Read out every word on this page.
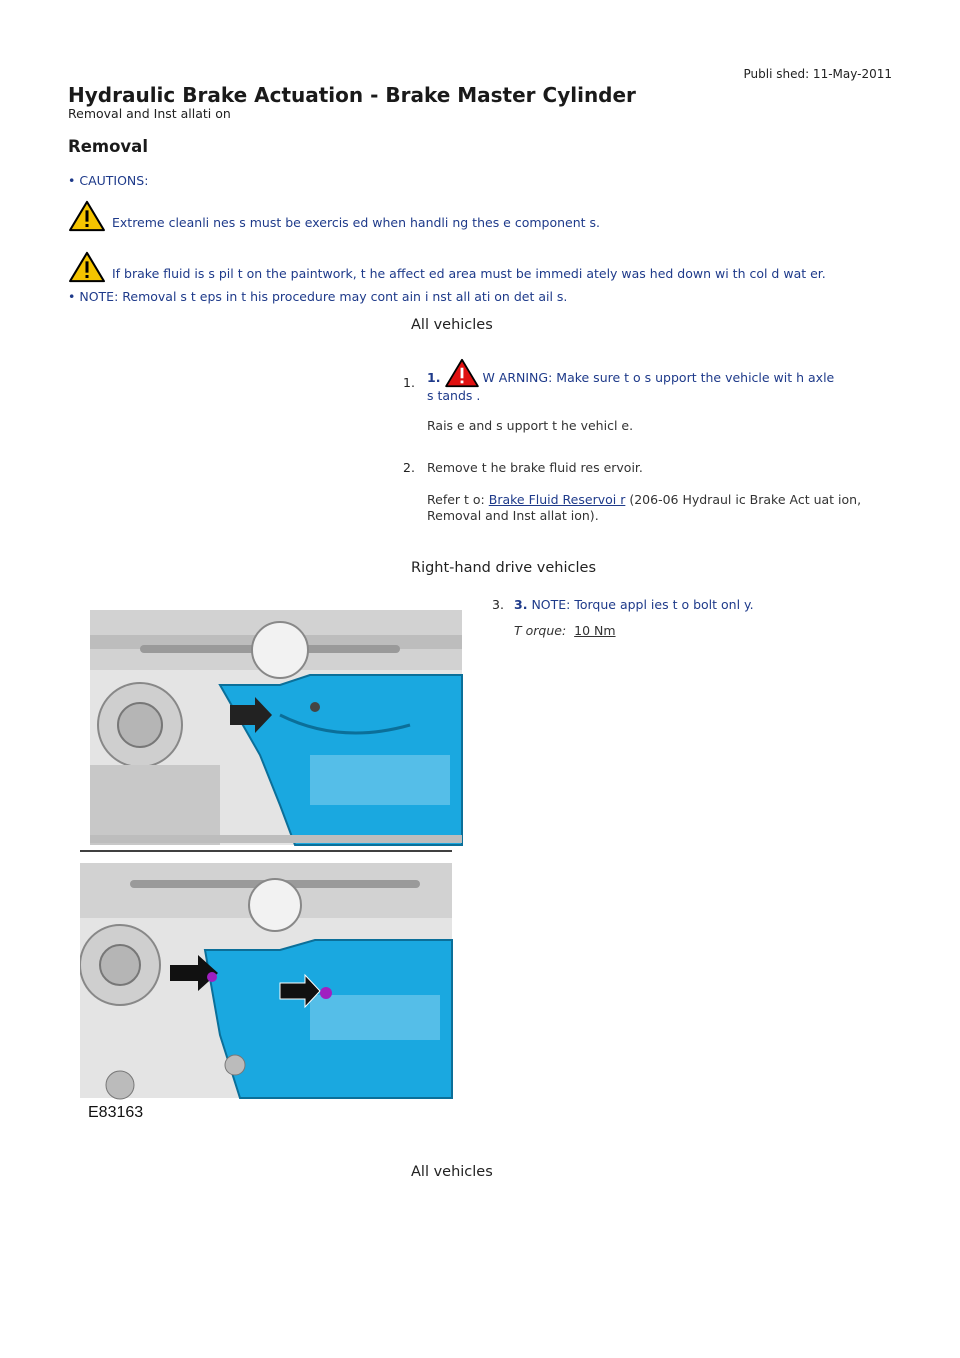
Publi shed: 11-May-2011
Hydraulic Brake Actuation - Brake Master Cylinder
Removal and Inst allati on
Removal
• CAUTIONS:
Extreme cleanli nes s must be exercis ed when handli ng thes e component s.
If brake fluid is s pil t on the paintwork, t he affect ed area must be immedi ately was hed down wi th col d wat er.
• NOTE: Removal s t eps in t his procedure may cont ain i nst all ati on det ail s.
All vehicles
1. 1.	W ARNING: Make sure t o s upport the vehicle wit h axle
s tands .
Rais e and s upport t he vehicl e.
2. Remove t he brake fluid res ervoir.
Refer t o: Brake Fluid Reservoi r (206-06 Hydraul ic Brake Act uat ion,
Removal and Inst allat ion).
Right-hand drive vehicles
3. 3. NOTE: Torque appl ies t o bolt onl y.
T orque: 10 Nm
E83163
All vehicles
